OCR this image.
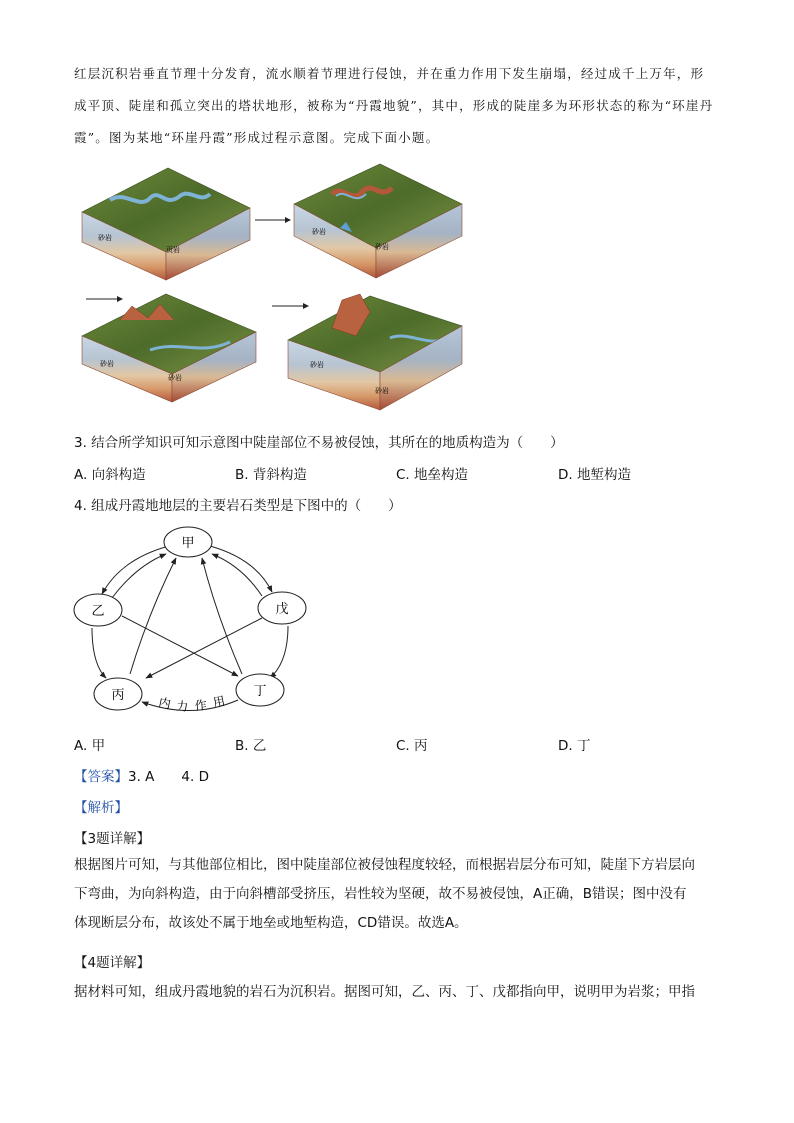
红层沉积岩垂直节理十分发育，流水顺着节理进行侵蚀，并在重力作用下发生崩塌，经过成千上万年，形

成平顶、陡崖和孤立突出的塔状地形，被称为“丹霞地貌”，其中，形成的陡崖多为环形状态的称为“环崖丹

霞”。图为某地“环崖丹霞”形成过程示意图。完成下面小题。

砂岩
页岩
砂岩
砂岩
砂岩
砂岩
砂岩
砂岩
3. 结合所学知识可知示意图中陡崖部位不易被侵蚀，其所在的地质构造为（　　）
A. 向斜构造	B. 背斜构造	C. 地垒构造	D. 地堑构造
4. 组成丹霞地地层的主要岩石类型是下图中的（　　）
甲
乙	戊
丙	丁
内 力 作 用
A. 甲	B. 乙	C. 丙	D. 丁
【答案】3. A　　4. D
【解析】
【3题详解】
根据图片可知，与其他部位相比，图中陡崖部位被侵蚀程度较轻，而根据岩层分布可知，陡崖下方岩层向
下弯曲，为向斜构造，由于向斜槽部受挤压，岩性较为坚硬，故不易被侵蚀，A正确，B错误；图中没有
体现断层分布，故该处不属于地垒或地堑构造，CD错误。故选A。
【4题详解】
据材料可知，组成丹霞地貌的岩石为沉积岩。据图可知，乙、丙、丁、戊都指向甲，说明甲为岩浆；甲指
